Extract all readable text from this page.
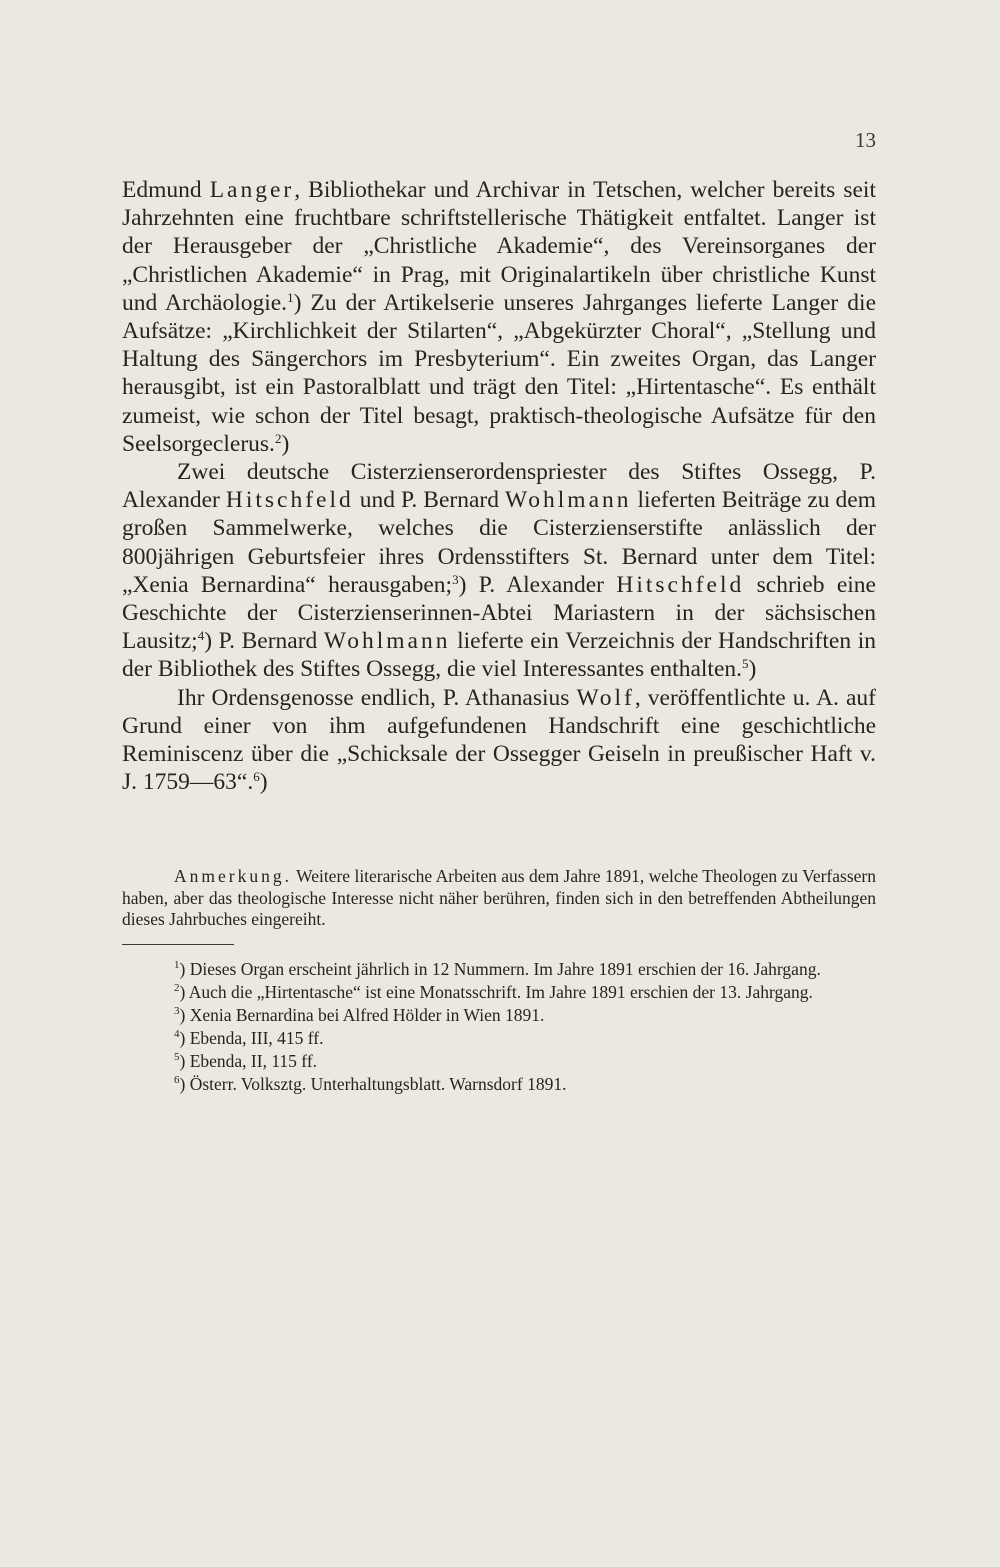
13

Edmund Langer, Bibliothekar und Archivar in Tetschen, welcher bereits seit Jahrzehnten eine fruchtbare schriftstellerische Thätigkeit entfaltet. Langer ist der Herausgeber der „Christliche Akademie“, des Vereinsorganes der „Christlichen Akademie“ in Prag, mit Originalartikeln über christliche Kunst und Archäologie.$^1$) Zu der Artikelserie unseres Jahrganges lieferte Langer die Aufsätze: „Kirchlichkeit der Stilarten“, „Abgekürzter Choral“, „Stellung und Haltung des Sängerchors im Presbyterium“. Ein zweites Organ, das Langer herausgibt, ist ein Pastoralblatt und trägt den Titel: „Hirtentasche“. Es enthält zumeist, wie schon der Titel besagt, praktisch-theologische Aufsätze für den Seelsorgeclerus.$^2$)

Zwei deutsche Cisterzienserordenspriester des Stiftes Ossegg, P. Alexander Hitschfeld und P. Bernard Wohlmann lieferten Beiträge zu dem großen Sammelwerke, welches die Cisterzienserstifte anlässlich der 800jährigen Geburtsfeier ihres Ordensstifters St. Bernard unter dem Titel: „Xenia Bernardina“ herausgaben;$^3$) P. Alexander Hitschfeld schrieb eine Geschichte der Cisterzienserinnen-Abtei Mariastern in der sächsischen Lausitz;$^4$) P. Bernard Wohlmann lieferte ein Verzeichnis der Handschriften in der Bibliothek des Stiftes Ossegg, die viel Interessantes enthalten.$^5$)

Ihr Ordensgenosse endlich, P. Athanasius Wolf, veröffentlichte u. A. auf Grund einer von ihm aufgefundenen Handschrift eine geschichtliche Reminiscenz über die „Schicksale der Ossegger Geiseln in preußischer Haft v. J. 1759—63“.$^6$)

Anmerkung. Weitere literarische Arbeiten aus dem Jahre 1891, welche Theologen zu Verfassern haben, aber das theologische Interesse nicht näher berühren, finden sich in den betreffenden Abtheilungen dieses Jahrbuches eingereiht.

$^1$) Dieses Organ erscheint jährlich in 12 Nummern. Im Jahre 1891 erschien der 16. Jahrgang.

$^2$) Auch die „Hirtentasche“ ist eine Monatsschrift. Im Jahre 1891 erschien der 13. Jahrgang.

$^3$) Xenia Bernardina bei Alfred Hölder in Wien 1891.

$^4$) Ebenda, III, 415 ff.

$^5$) Ebenda, II, 115 ff.

$^6$) Österr. Volksztg. Unterhaltungsblatt. Warnsdorf 1891.
